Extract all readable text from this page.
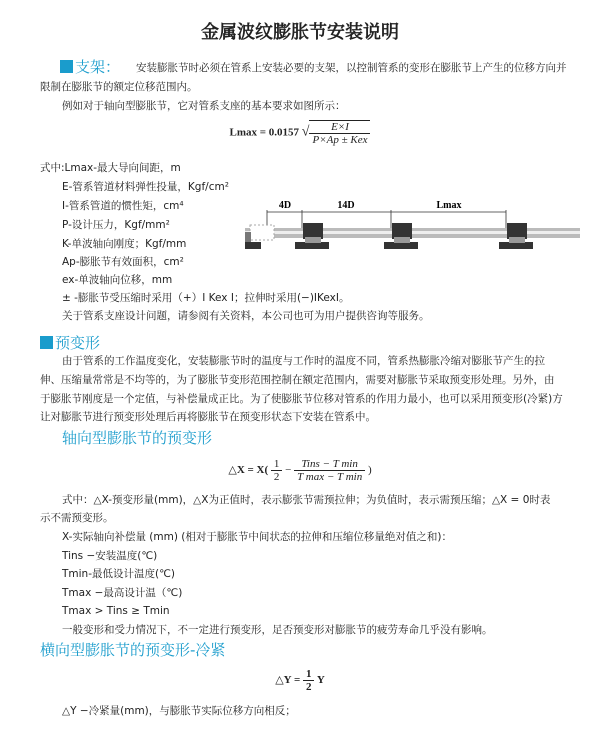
金属波纹膨胀节安装说明
支架： 安装膨胀节时必须在管系上安装必要的支架，以控制管系的变形在膨胀节上产生的位移方向并
限制在膨胀节的额定位移范围内。
例如对于轴向型膨胀节，它对管系支座的基本要求如图所示：
Lmax = 0.0157 √ $\frac{E\times I}{\text{P×Ap ± Kex}}$
式中:Lmax-最大导向间距，m
E-管系管道材料弹性投量，Kgf/cm²
I-管系管道的惯性矩，cm⁴
P-设计压力，Kgf/mm²
K-单波轴向刚度；Kgf/mm
Ap-膨胀节有效面积，cm²
ex-单波轴向位移，mm
± -膨胀节受压缩时采用（+）I Kex I；拉伸时采用(−)IKexI。
关于管系支座设计问题，请参阅有关资料，本公司也可为用户提供咨询等服务。
4D	14D	Lmax
预变形
由于管系的工作温度变化，安装膨胀节时的温度与工作时的温度不同，管系热膨胀冷缩对膨胀节产生的拉
伸、压缩量常常是不均等的，为了膨胀节变形范围控制在额定范围内，需要对膨胀节采取预变形处理。另外，由
于膨胀节刚度是一个定值，与补偿量成正比。为了使膨胀节位移对管系的作用力最小，也可以采用预变形(冷紧)方
让对膨胀节进行预变形处理后再将膨胀节在预变形状态下安装在管系中。
轴向型膨胀节的预变形
△X = $X( \frac{1}{2} - \frac{\text{Tins − T min}}{\text{T max − T min}}$ )
式中：△X-预变形量(mm)，△X为正值时，表示膨张节需预拉伸；为负值时，表示需预压缩；△X = 0时表
示不需预变形。
X-实际轴向补偿量 (mm) (相对于膨胀节中间状态的拉伸和压缩位移量绝对值之和)：
Tins −安装温度(℃)
Tmin-最低设计温度(℃)
Tmax −最高设计温（℃)
Tmax > Tins ≥ Tmin
一般变形和受力情况下，不一定进行预变形，足否预变形对膨胀节的疲劳寿命几乎没有影响。
横向型膨胀节的预变形-冷紧
△Y = $\frac{1}{2}$ Y
△Y −冷紧量(mm)，与膨胀节实际位移方向相反；
